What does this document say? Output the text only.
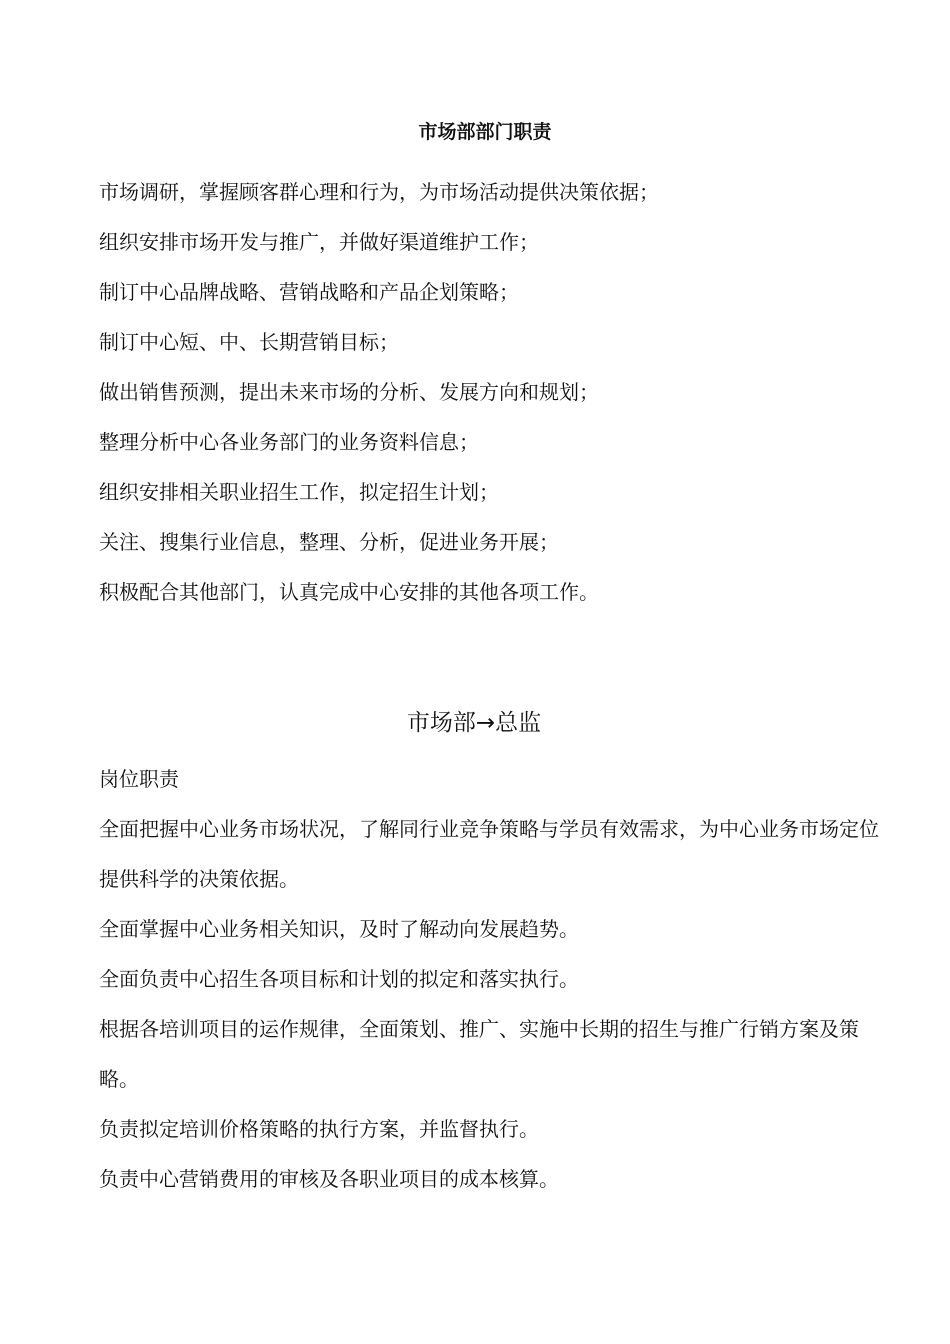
市场部部门职责
市场调研，掌握顾客群心理和行为，为市场活动提供决策依据；
组织安排市场开发与推广，并做好渠道维护工作；
制订中心品牌战略、营销战略和产品企划策略；
制订中心短、中、长期营销目标；
做出销售预测，提出未来市场的分析、发展方向和规划；
整理分析中心各业务部门的业务资料信息；
组织安排相关职业招生工作，拟定招生计划；
关注、搜集行业信息，整理、分析，促进业务开展；
积极配合其他部门，认真完成中心安排的其他各项工作。
市场部→总监
岗位职责
全面把握中心业务市场状况，了解同行业竞争策略与学员有效需求，为中心业务市场定位提供科学的决策依据。
全面掌握中心业务相关知识，及时了解动向发展趋势。
全面负责中心招生各项目标和计划的拟定和落实执行。
根据各培训项目的运作规律，全面策划、推广、实施中长期的招生与推广行销方案及策略。
负责拟定培训价格策略的执行方案，并监督执行。
负责中心营销费用的审核及各职业项目的成本核算。
